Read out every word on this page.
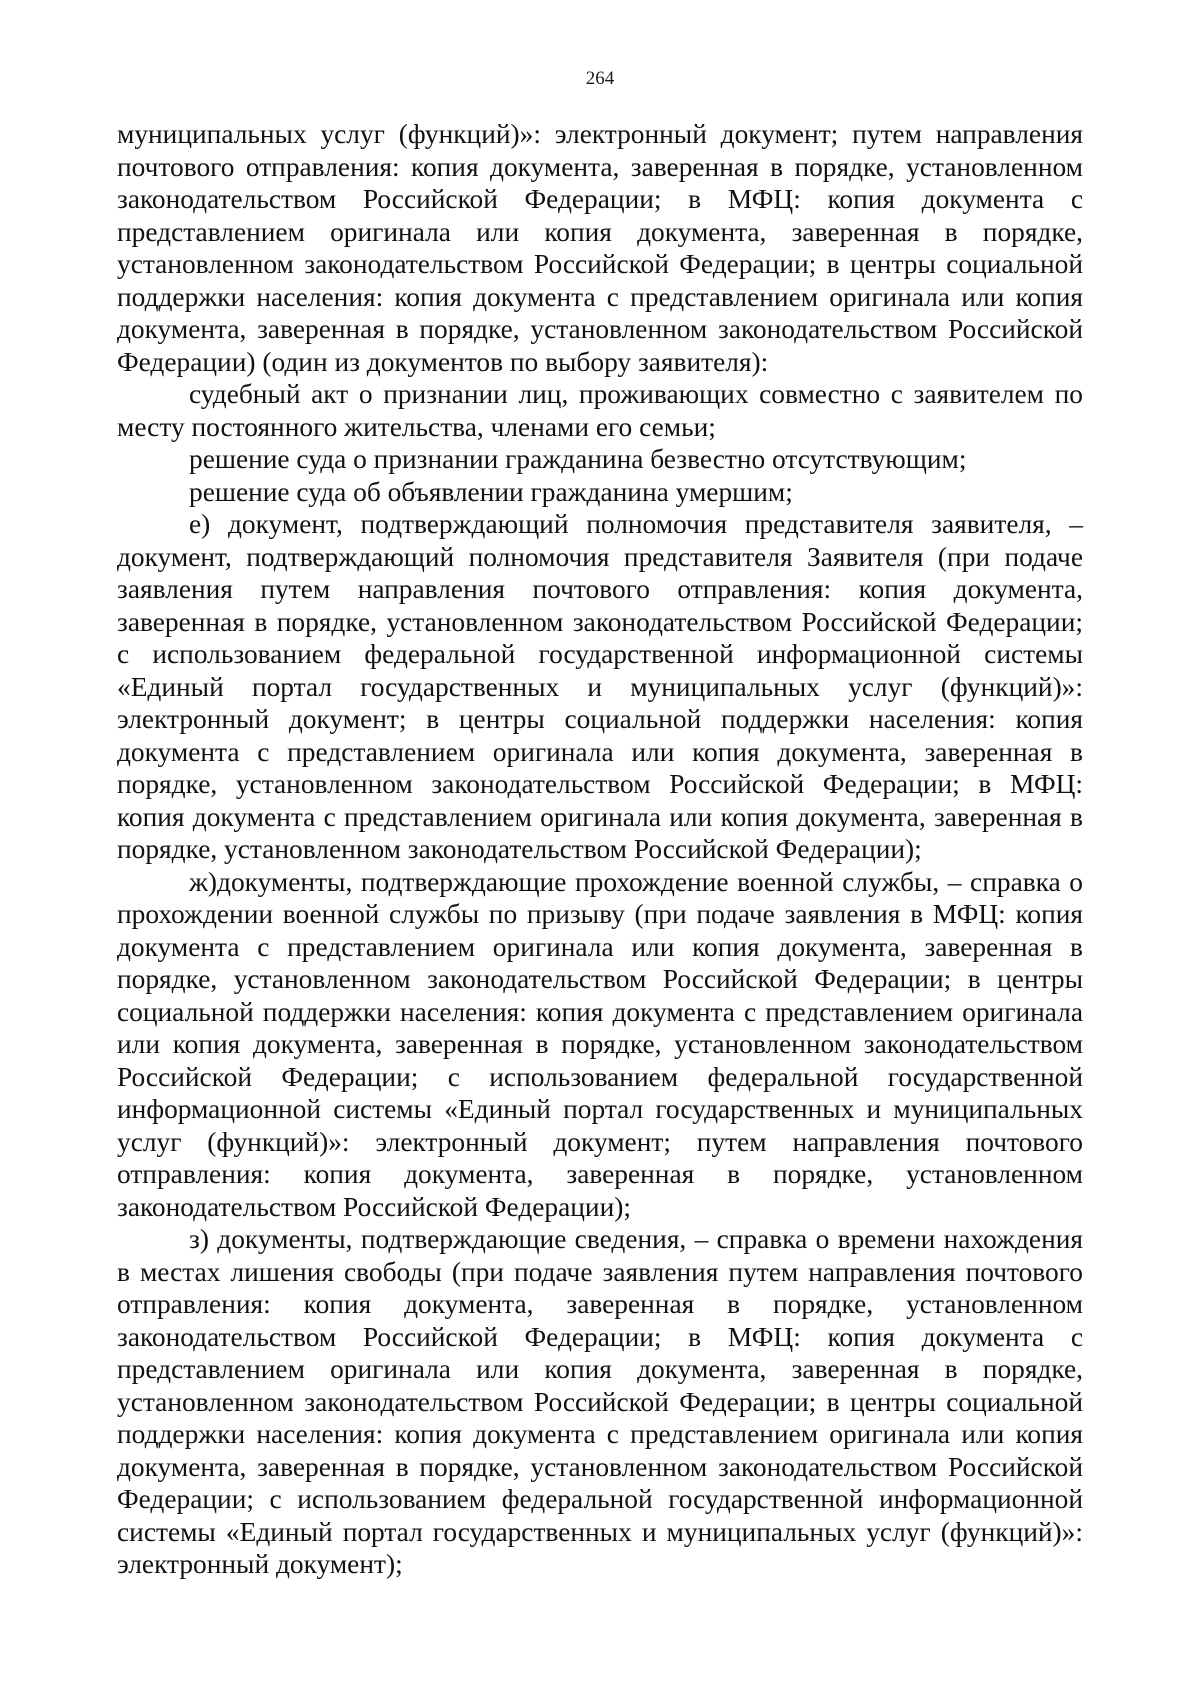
264

муниципальных услуг (функций)»: электронный документ; путем направления почтового отправления: копия документа, заверенная в порядке, установленном законодательством Российской Федерации; в МФЦ: копия документа с представлением оригинала или копия документа, заверенная в порядке, установленном законодательством Российской Федерации; в центры социальной поддержки населения: копия документа с представлением оригинала или копия документа, заверенная в порядке, установленном законодательством Российской Федерации) (один из документов по выбору заявителя):

судебный акт о признании лиц, проживающих совместно с заявителем по месту постоянного жительства, членами его семьи;

решение суда о признании гражданина безвестно отсутствующим;

решение суда об объявлении гражданина умершим;

е) документ, подтверждающий полномочия представителя заявителя, – документ, подтверждающий полномочия представителя Заявителя (при подаче заявления путем направления почтового отправления: копия документа, заверенная в порядке, установленном законодательством Российской Федерации; с использованием федеральной государственной информационной системы «Единый портал государственных и муниципальных услуг (функций)»: электронный документ; в центры социальной поддержки населения: копия документа с представлением оригинала или копия документа, заверенная в порядке, установленном законодательством Российской Федерации; в МФЦ: копия документа с представлением оригинала или копия документа, заверенная в порядке, установленном законодательством Российской Федерации);

ж)документы, подтверждающие прохождение военной службы, – справка о прохождении военной службы по призыву (при подаче заявления в МФЦ: копия документа с представлением оригинала или копия документа, заверенная в порядке, установленном законодательством Российской Федерации; в центры социальной поддержки населения: копия документа с представлением оригинала или копия документа, заверенная в порядке, установленном законодательством Российской Федерации; с использованием федеральной государственной информационной системы «Единый портал государственных и муниципальных услуг (функций)»: электронный документ; путем направления почтового отправления: копия документа, заверенная в порядке, установленном законодательством Российской Федерации);

з) документы, подтверждающие сведения, – справка о времени нахождения в местах лишения свободы (при подаче заявления путем направления почтового отправления: копия документа, заверенная в порядке, установленном законодательством Российской Федерации; в МФЦ: копия документа с представлением оригинала или копия документа, заверенная в порядке, установленном законодательством Российской Федерации; в центры социальной поддержки населения: копия документа с представлением оригинала или копия документа, заверенная в порядке, установленном законодательством Российской Федерации; с использованием федеральной государственной информационной системы «Единый портал государственных и муниципальных услуг (функций)»: электронный документ);
